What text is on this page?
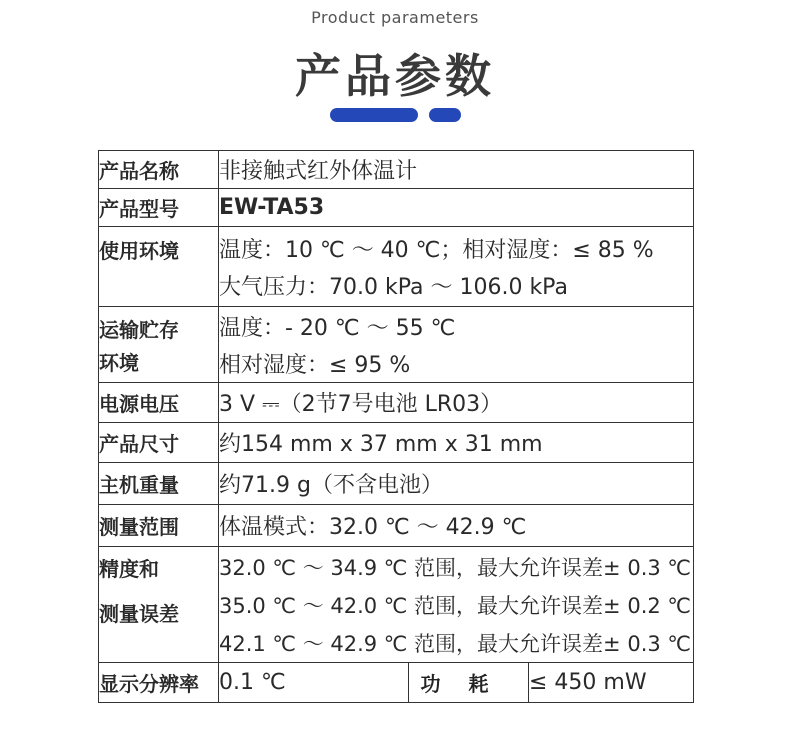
Product parameters
产品参数
产品名称	非接触式红外体温计		
产品型号	EW-TA53		
使用环境	温度：10 ℃ ～ 40 ℃；相对湿度：≤ 85 %
大气压力：70.0 kPa ～ 106.0 kPa		

运输贮存
环境	温度：- 20 ℃ ～ 55 ℃
相对湿度：≤ 95 %		

电源电压	3 V ⎓（2节7号电池 LR03）		
产品尺寸	约154 mm x 37 mm x 31 mm		
主机重量	约71.9 g（不含电池）		
测量范围	体温模式：32.0 ℃ ～ 42.9 ℃		

精度和
测量误差	32.0 ℃ ～ 34.9 ℃ 范围，最大允许误差± 0.3 ℃
35.0 ℃ ～ 42.0 ℃ 范围，最大允许误差± 0.2 ℃
42.1 ℃ ～ 42.9 ℃ 范围，最大允许误差± 0.3 ℃		

显示分辨率	0.1 ℃	功耗	≤ 450 mW
